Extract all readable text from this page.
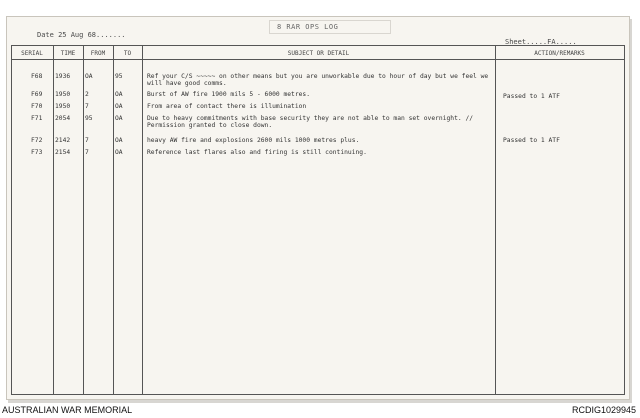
Date 25 Aug 68.......
8 RAR OPS LOG
Sheet.....FA.....
SERIAL	TIME	FROM	TO	SUBJECT OR DETAIL	ACTION/REMARKS
F68 1936 OA	95	Ref your C/S ~~~~~ on other means but you are unworkable due to hour of day but we feel we will have good comms.
F69 1950 2	OA	Burst of AW fire 1900 mils 5 - 6000 metres.	Passed to 1 ATF
F70 1950 7	OA	From area of contact there is illumination
F71 2054 95	OA	Due to heavy commitments with base security they are not able to man set overnight. // Permission granted to close down.
F72 2142 7	OA	heavy AW fire and explosions 2600 mils 1000 metres plus.	Passed to 1 ATF
F73 2154 7	OA	Reference last flares also and firing is still continuing.
AUSTRALIAN WAR MEMORIAL	RCDIG1029945
